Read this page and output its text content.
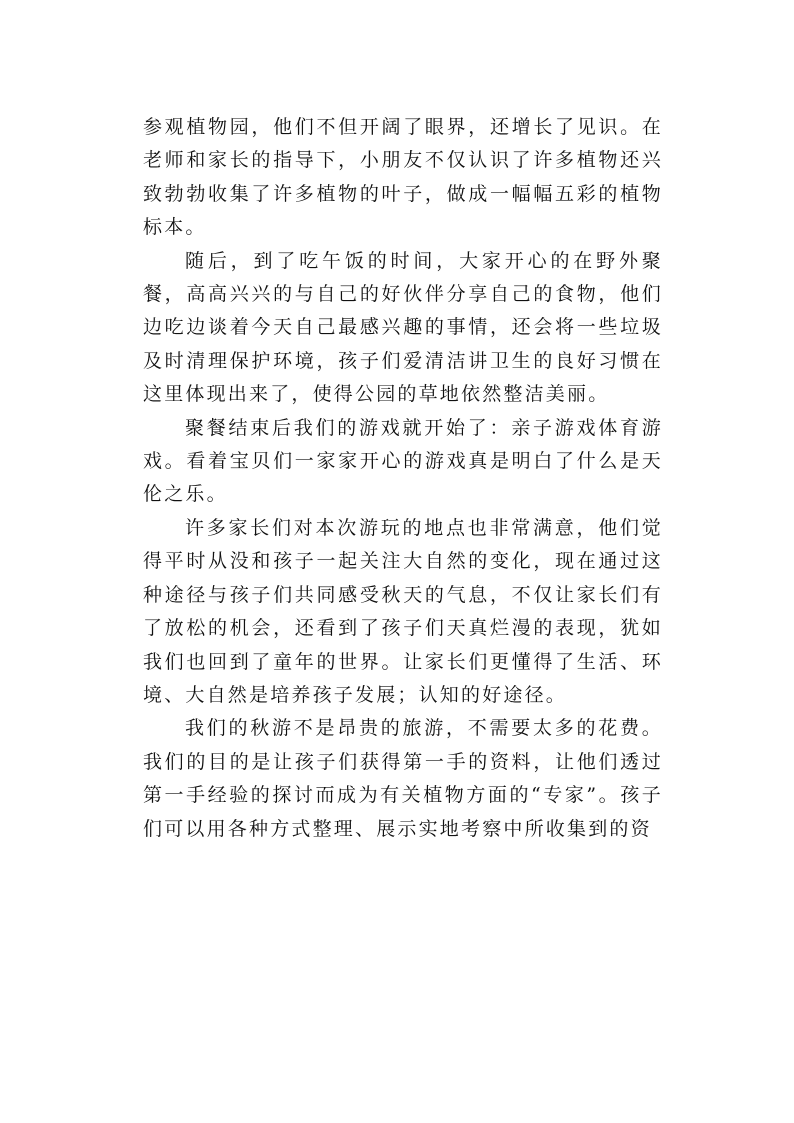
参观植物园，他们不但开阔了眼界，还增长了见识。在老师和家长的指导下，小朋友不仅认识了许多植物还兴致勃勃收集了许多植物的叶子，做成一幅幅五彩的植物标本。

随后，到了吃午饭的时间，大家开心的在野外聚餐，高高兴兴的与自己的好伙伴分享自己的食物，他们边吃边谈着今天自己最感兴趣的事情，还会将一些垃圾及时清理保护环境，孩子们爱清洁讲卫生的良好习惯在这里体现出来了，使得公园的草地依然整洁美丽。

聚餐结束后我们的游戏就开始了：亲子游戏体育游戏。看着宝贝们一家家开心的游戏真是明白了什么是天伦之乐。

许多家长们对本次游玩的地点也非常满意，他们觉得平时从没和孩子一起关注大自然的变化，现在通过这种途径与孩子们共同感受秋天的气息，不仅让家长们有了放松的机会，还看到了孩子们天真烂漫的表现，犹如我们也回到了童年的世界。让家长们更懂得了生活、环境、大自然是培养孩子发展；认知的好途径。

我们的秋游不是昂贵的旅游，不需要太多的花费。我们的目的是让孩子们获得第一手的资料，让他们透过第一手经验的探讨而成为有关植物方面的“专家”。孩子们可以用各种方式整理、展示实地考察中所收集到的资
